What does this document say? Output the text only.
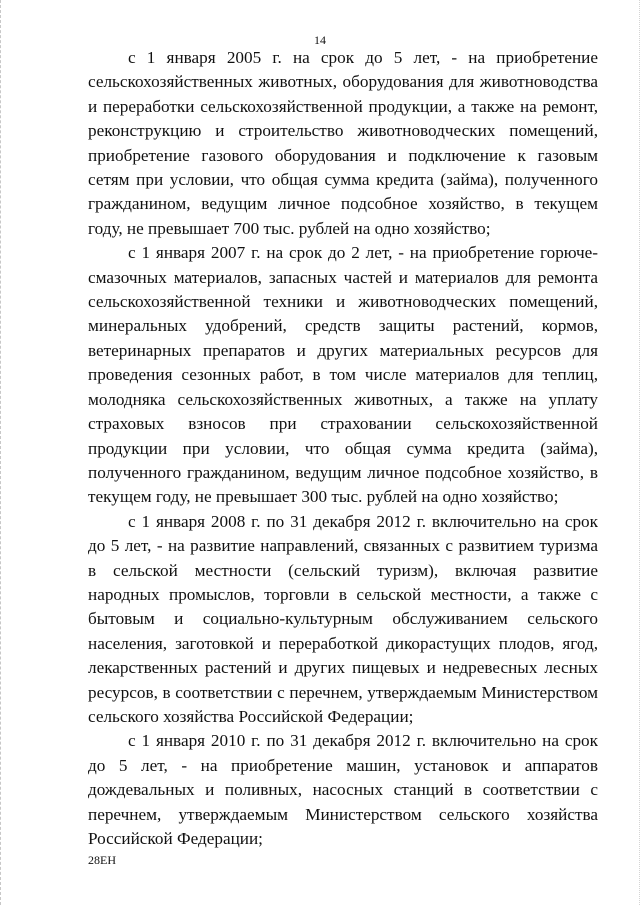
14

с 1 января 2005 г. на срок до 5 лет, - на приобретение сельскохозяйственных животных, оборудования для животноводства и переработки сельскохозяйственной продукции, а также на ремонт, реконструкцию и строительство животноводческих помещений, приобретение газового оборудования и подключение к газовым сетям при условии, что общая сумма кредита (займа), полученного гражданином, ведущим личное подсобное хозяйство, в текущем году, не превышает 700 тыс. рублей на одно хозяйство;

с 1 января 2007 г. на срок до 2 лет, - на приобретение горюче-смазочных материалов, запасных частей и материалов для ремонта сельскохозяйственной техники и животноводческих помещений, минеральных удобрений, средств защиты растений, кормов, ветеринарных препаратов и других материальных ресурсов для проведения сезонных работ, в том числе материалов для теплиц, молодняка сельскохозяйственных животных, а также на уплату страховых взносов при страховании сельскохозяйственной продукции при условии, что общая сумма кредита (займа), полученного гражданином, ведущим личное подсобное хозяйство, в текущем году, не превышает 300 тыс. рублей на одно хозяйство;

с 1 января 2008 г. по 31 декабря 2012 г. включительно на срок до 5 лет, - на развитие направлений, связанных с развитием туризма в сельской местности (сельский туризм), включая развитие народных промыслов, торговли в сельской местности, а также с бытовым и социально-культурным обслуживанием сельского населения, заготовкой и переработкой дикорастущих плодов, ягод, лекарственных растений и других пищевых и недревесных лесных ресурсов, в соответствии с перечнем, утверждаемым Министерством сельского хозяйства Российской Федерации;

с 1 января 2010 г. по 31 декабря 2012 г. включительно на срок до 5 лет, - на приобретение машин, установок и аппаратов дождевальных и поливных, насосных станций в соответствии с перечнем, утверждаемым Министерством сельского хозяйства Российской Федерации;

28ЕН
